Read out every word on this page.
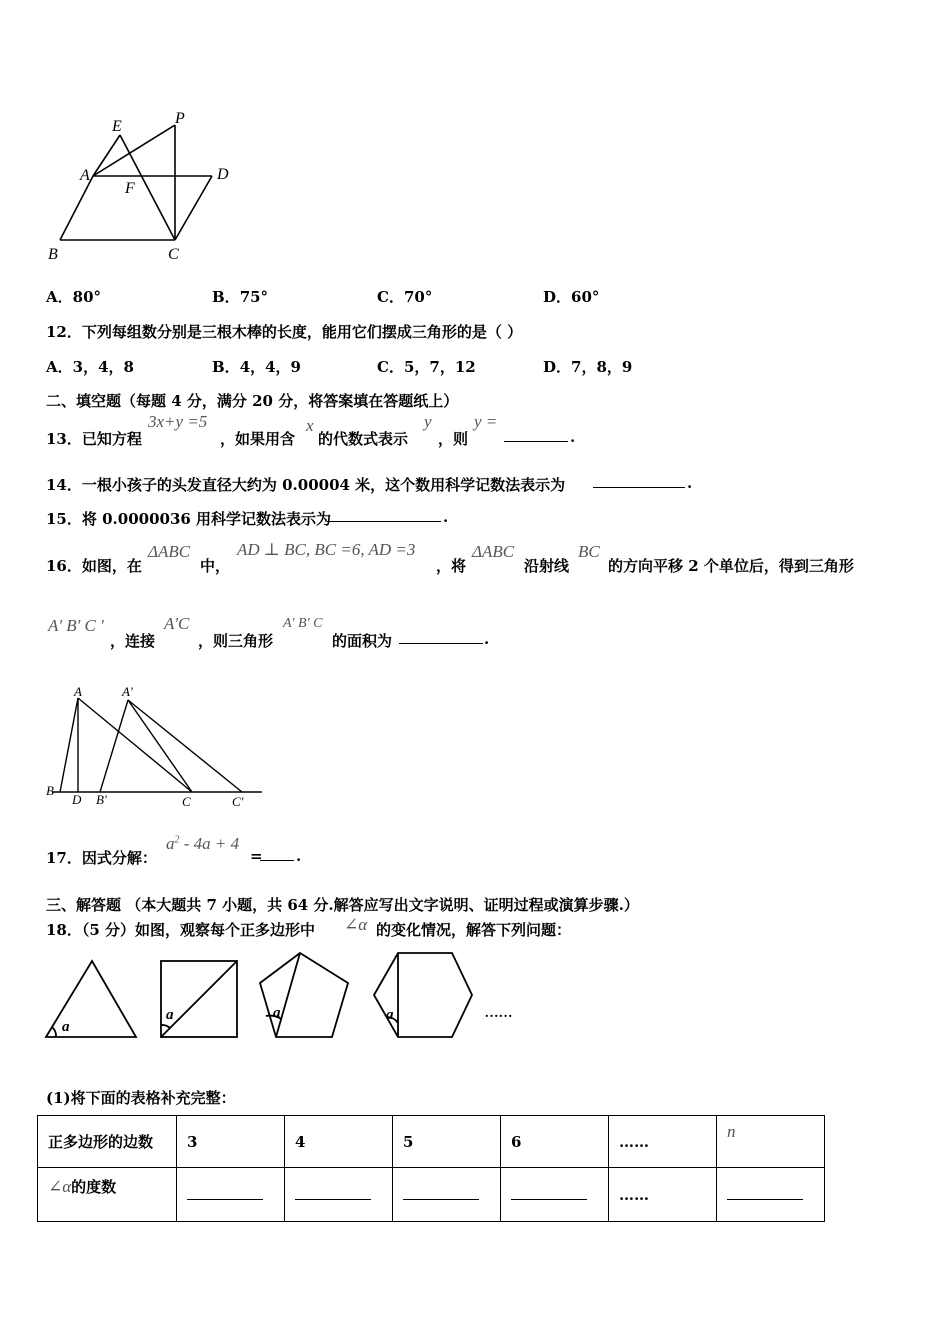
E	P
A	D
F
B	C
A．80°	B．75°	C．70°	D．60°
12．下列每组数分别是三根木棒的长度，能用它们摆成三角形的是（ ）
A．3，4，8	B．4，4，9	C．5，7，12	D．7，8，9
二、填空题（每题 4 分，满分 20 分，将答案填在答题纸上）
13．已知方程
3x+y =5
，如果用含
x
的代数式表示
y
，则
y =
.
14．一根小孩子的头发直径大约为 0.00004 米，这个数用科学记数法表示为	.
15．将 0.0000036 用科学记数法表示为	.
16．如图，在
ΔABC
中，
AD ⊥ BC, BC =6, AD =3
，将
ΔABC
沿射线
BC
的方向平移 2 个单位后，得到三角形
A' B' C '
，连接
A'C
，则三角形
A' B' C
的面积为	.
A	A'
B
D B'	C	C'
17．因式分解：
$a^2 - 4a + 4$
= .
三、解答题 （本大题共 7 小题，共 64 分.解答应写出文字说明、证明过程或演算步骤.）
18．（5 分）如图，观察每个正多边形中 ∠α 的变化情况，解答下列问题：
a
a	a	a	……
(1)将下面的表格补充完整：
正多边形的边数	3	4	5	6	……	n
∠α的度数					……	
